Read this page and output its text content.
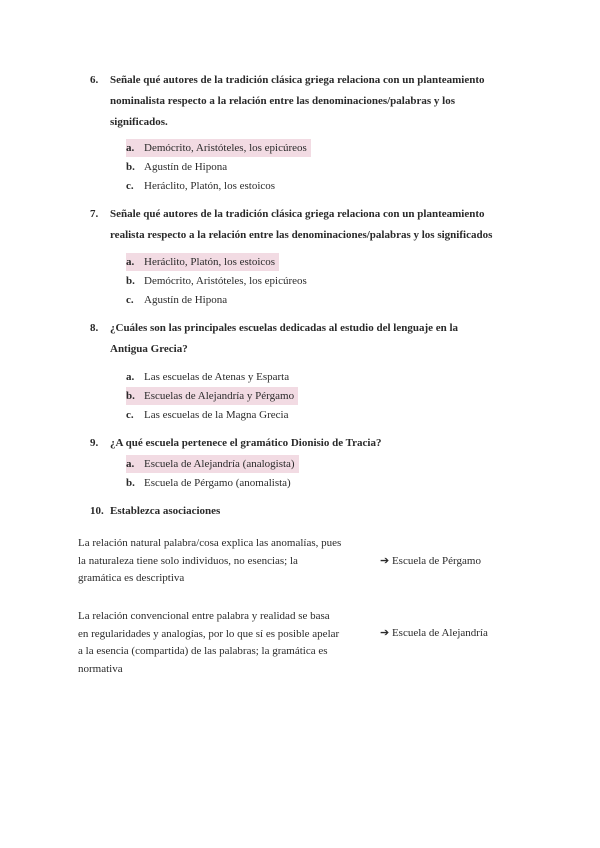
6. Señale qué autores de la tradición clásica griega relaciona con un planteamiento
nominalista respecto a la relación entre las denominaciones/palabras y los
significados.
a. Demócrito, Aristóteles, los epicúreos
b. Agustín de Hipona
c. Heráclito, Platón, los estoicos
7. Señale qué autores de la tradición clásica griega relaciona con un planteamiento
realista respecto a la relación entre las denominaciones/palabras y los significados
a. Heráclito, Platón, los estoicos
b. Demócrito, Aristóteles, los epicúreos
c. Agustín de Hipona
8. ¿Cuáles son las principales escuelas dedicadas al estudio del lenguaje en la
Antigua Grecia?
a. Las escuelas de Atenas y Esparta
b. Escuelas de Alejandría y Pérgamo
c. Las escuelas de la Magna Grecia
9. ¿A qué escuela pertenece el gramático Dionisio de Tracia?
a. Escuela de Alejandría (analogista)
b. Escuela de Pérgamo (anomalista)
10. Establezca asociaciones
La relación natural palabra/cosa explica las anomalías, pues
la naturaleza tiene solo individuos, no esencias; la
gramática es descriptiva
➔ Escuela de Pérgamo
La relación convencional entre palabra y realidad se basa
en regularidades y analogías, por lo que sí es posible apelar
a la esencia (compartida) de las palabras; la gramática es
normativa
➔ Escuela de Alejandría
